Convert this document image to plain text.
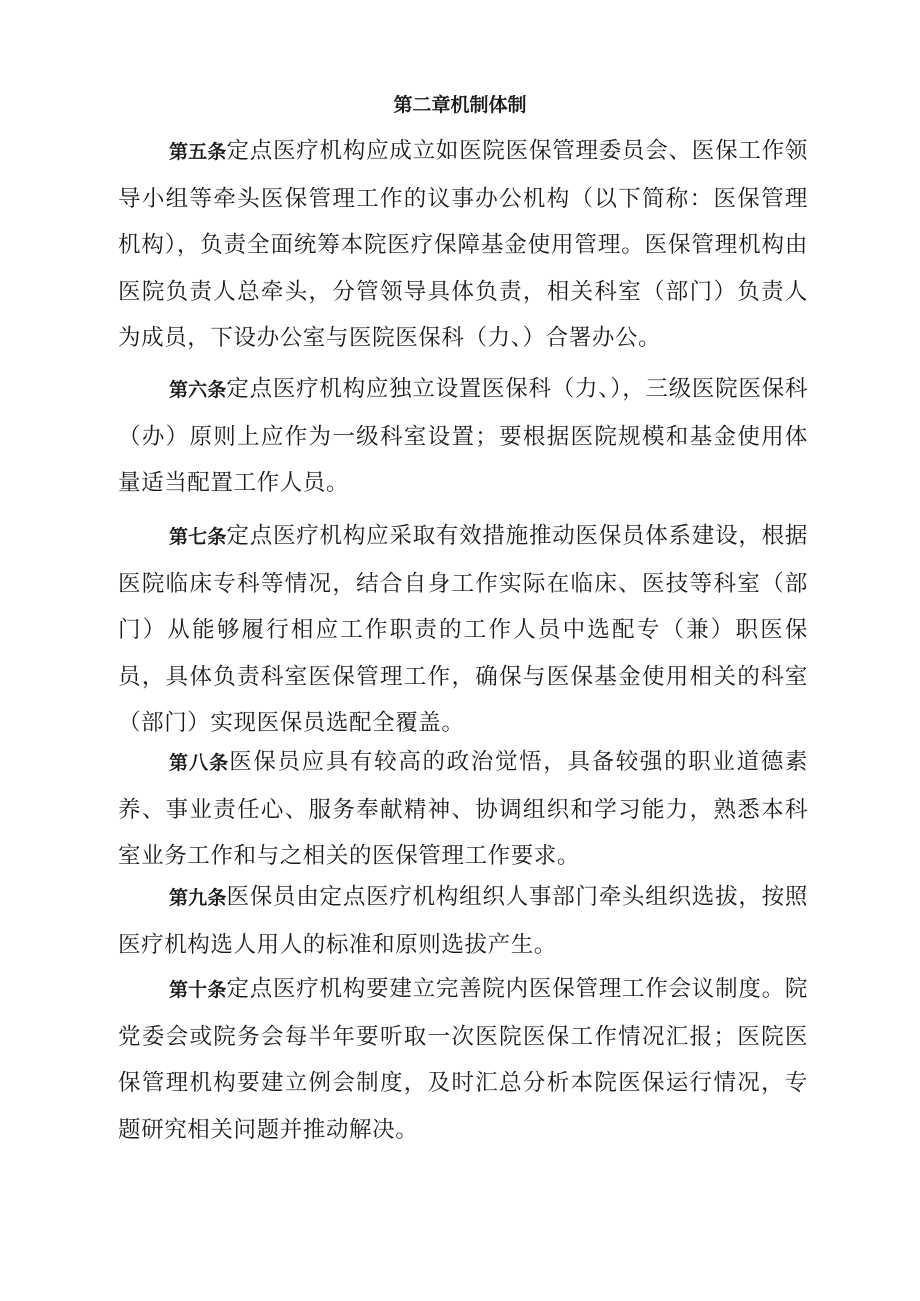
第二章机制体制

第五条定点医疗机构应成立如医院医保管理委员会、医保工作领导小组等牵头医保管理工作的议事办公机构（以下简称：医保管理机构），负责全面统筹本院医疗保障基金使用管理。医保管理机构由医院负责人总牵头，分管领导具体负责，相关科室（部门）负责人为成员，下设办公室与医院医保科（力、）合署办公。

第六条定点医疗机构应独立设置医保科（力、），三级医院医保科（办）原则上应作为一级科室设置；要根据医院规模和基金使用体量适当配置工作人员。

第七条定点医疗机构应采取有效措施推动医保员体系建设，根据医院临床专科等情况，结合自身工作实际在临床、医技等科室（部门）从能够履行相应工作职责的工作人员中选配专（兼）职医保员，具体负责科室医保管理工作，确保与医保基金使用相关的科室（部门）实现医保员选配全覆盖。

第八条医保员应具有较高的政治觉悟，具备较强的职业道德素养、事业责任心、服务奉献精神、协调组织和学习能力，熟悉本科室业务工作和与之相关的医保管理工作要求。

第九条医保员由定点医疗机构组织人事部门牵头组织选拔，按照医疗机构选人用人的标准和原则选拔产生。

第十条定点医疗机构要建立完善院内医保管理工作会议制度。院党委会或院务会每半年要听取一次医院医保工作情况汇报；医院医保管理机构要建立例会制度，及时汇总分析本院医保运行情况，专题研究相关问题并推动解决。
